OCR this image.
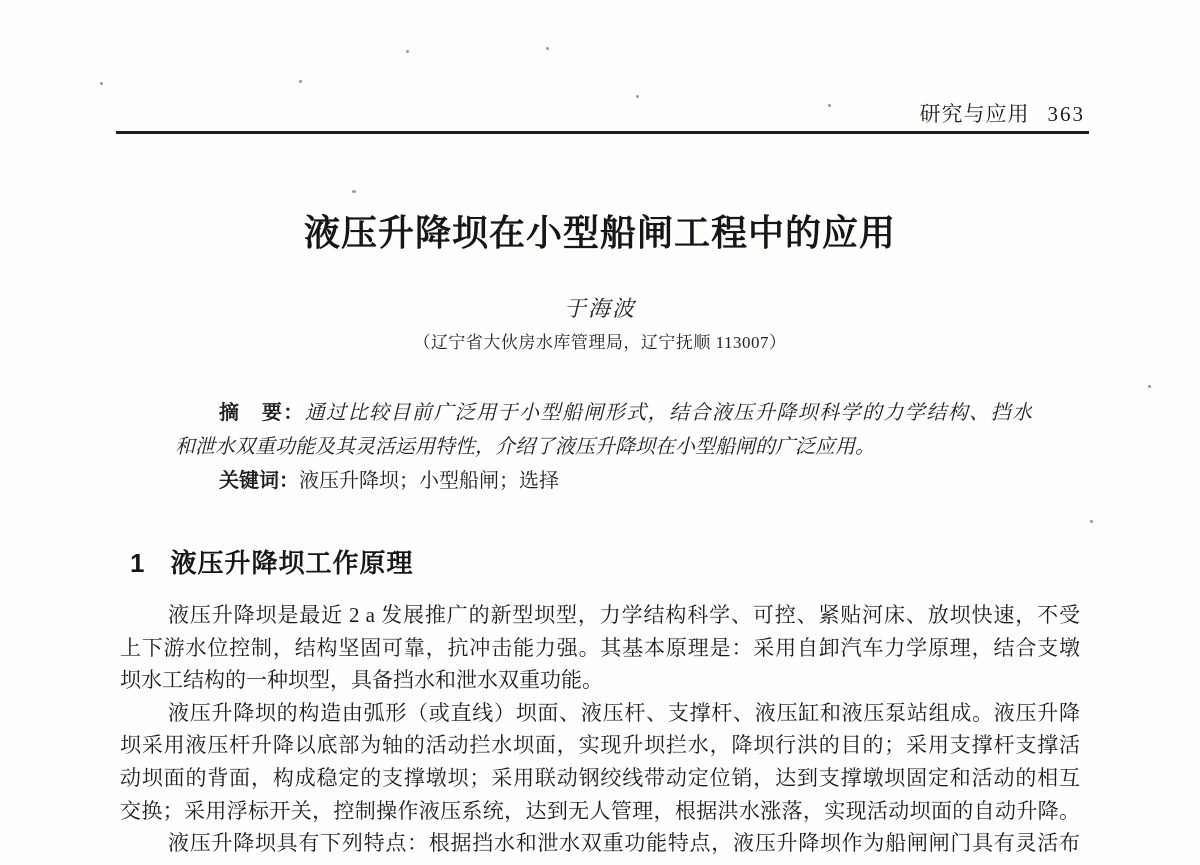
研究与应用 363
液压升降坝在小型船闸工程中的应用
于海波
（辽宁省大伙房水库管理局，辽宁抚顺 113007）
摘　要：通过比较目前广泛用于小型船闸形式，结合液压升降坝科学的力学结构、挡水
和泄水双重功能及其灵活运用特性，介绍了液压升降坝在小型船闸的广泛应用。
关键词：液压升降坝；小型船闸；选择
1 液压升降坝工作原理
液压升降坝是最近 2 a 发展推广的新型坝型，力学结构科学、可控、紧贴河床、放坝快速，不受
上下游水位控制，结构坚固可靠，抗冲击能力强。其基本原理是：采用自卸汽车力学原理，结合支墩
坝水工结构的一种坝型，具备挡水和泄水双重功能。
液压升降坝的构造由弧形（或直线）坝面、液压杆、支撑杆、液压缸和液压泵站组成。液压升降
坝采用液压杆升降以底部为轴的活动拦水坝面，实现升坝拦水，降坝行洪的目的；采用支撑杆支撑活
动坝面的背面，构成稳定的支撑墩坝；采用联动钢绞线带动定位销，达到支撑墩坝固定和活动的相互
交换；采用浮标开关，控制操作液压系统，达到无人管理，根据洪水涨落，实现活动坝面的自动升降。
液压升降坝具有下列特点：根据挡水和泄水双重功能特点，液压升降坝作为船闸闸门具有灵活布
